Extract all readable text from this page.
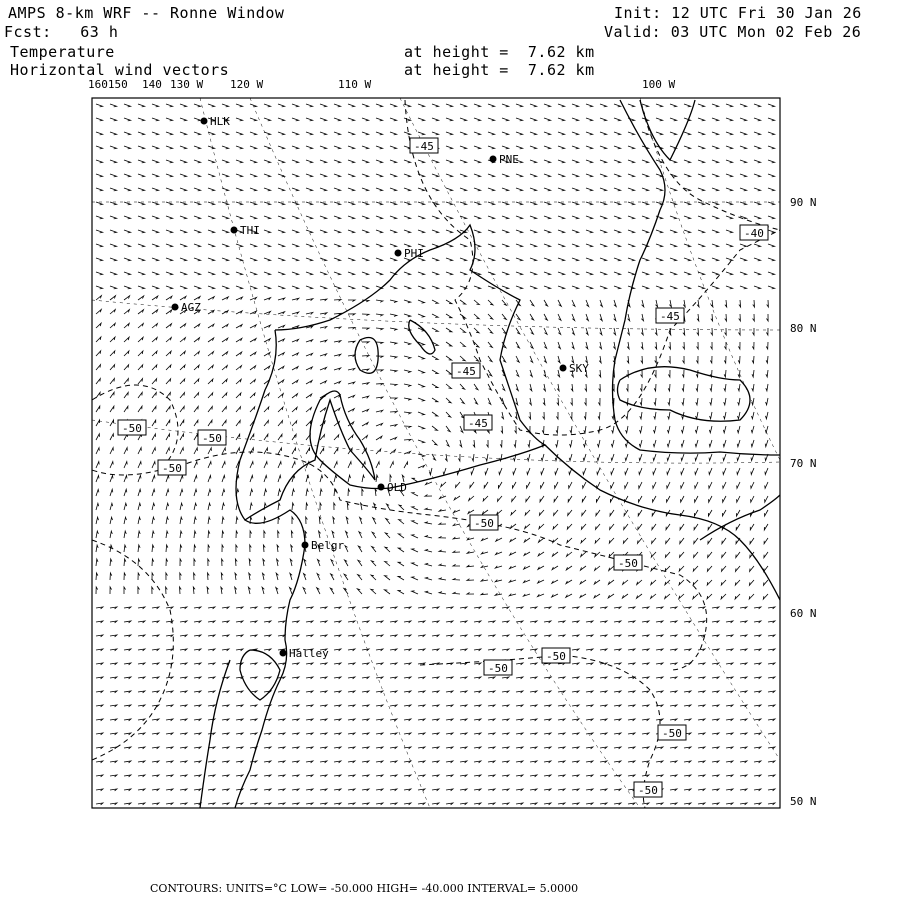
AMPS 8-km WRF -- Ronne Window	Init: 12 UTC Fri 30 Jan 26
Fcst:   63 h	Valid: 03 UTC Mon 02 Feb 26
Temperature	at height =  7.62 km
Horizontal wind vectors	at height =  7.62 km
160150 140 130 W 120 W	110 W	100 W
90 N
80 N
70 N
60 N
50 N
HLK
PNE
THI
PHI
AGZ
SKY
OLD
Belgr
Halley
-45
-40
-45
-45
-45
-50
-50
-50
-50
-50
-50
-50
-50
-50
CONTOURS: UNITS=°C LOW= -50.000 HIGH= -40.000 INTERVAL= 5.0000
